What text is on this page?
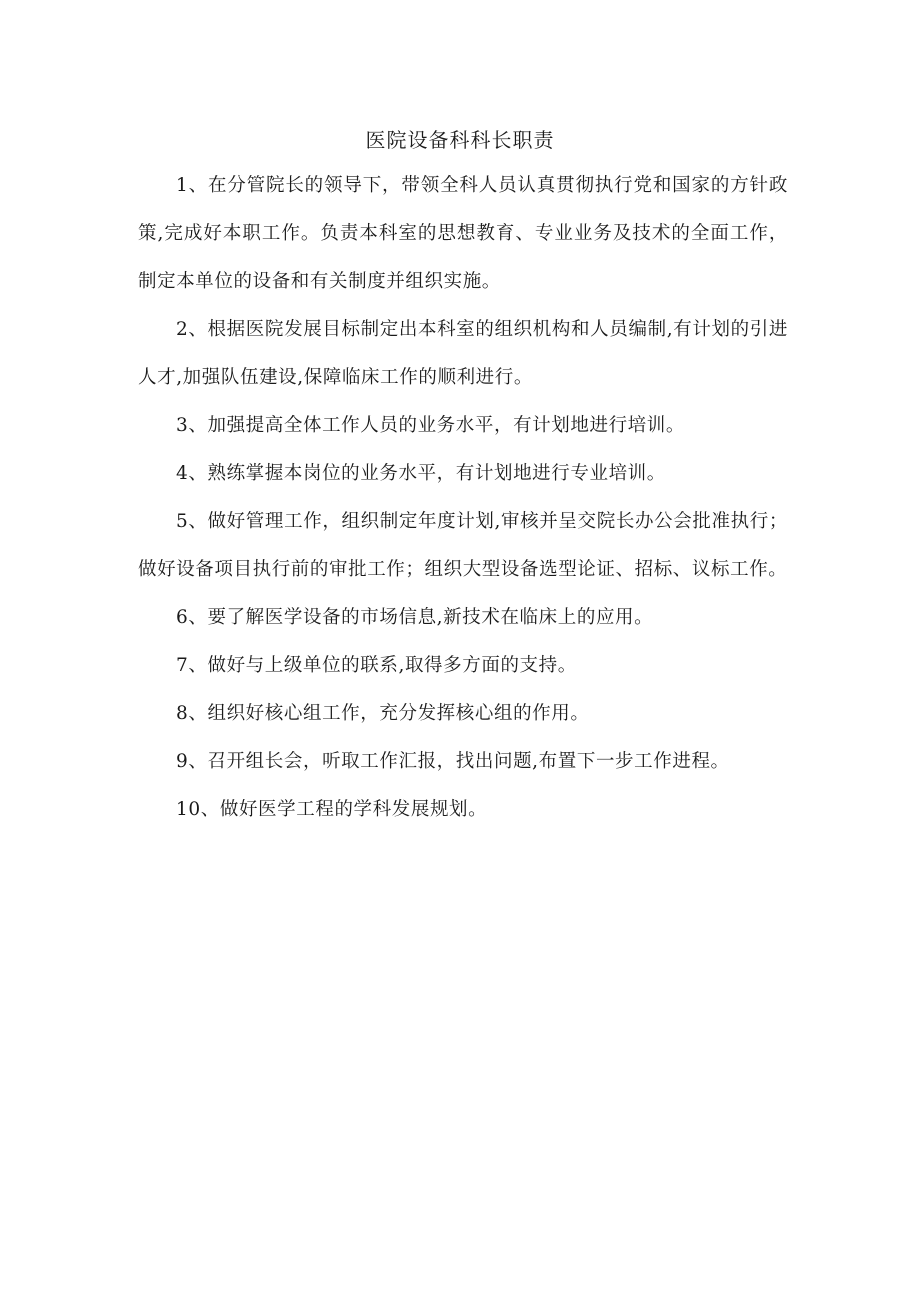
医院设备科科长职责

1、在分管院长的领导下，带领全科人员认真贯彻执行党和国家的方针政策,完成好本职工作。负责本科室的思想教育、专业业务及技术的全面工作，制定本单位的设备和有关制度并组织实施。

2、根据医院发展目标制定出本科室的组织机构和人员编制,有计划的引进人才,加强队伍建设,保障临床工作的顺利进行。

3、加强提高全体工作人员的业务水平，有计划地进行培训。

4、熟练掌握本岗位的业务水平，有计划地进行专业培训。

5、做好管理工作，组织制定年度计划,审核并呈交院长办公会批准执行；做好设备项目执行前的审批工作；组织大型设备选型论证、招标、议标工作。

6、要了解医学设备的市场信息,新技术在临床上的应用。

7、做好与上级单位的联系,取得多方面的支持。

8、组织好核心组工作，充分发挥核心组的作用。

9、召开组长会，听取工作汇报，找出问题,布置下一步工作进程。

10、做好医学工程的学科发展规划。
